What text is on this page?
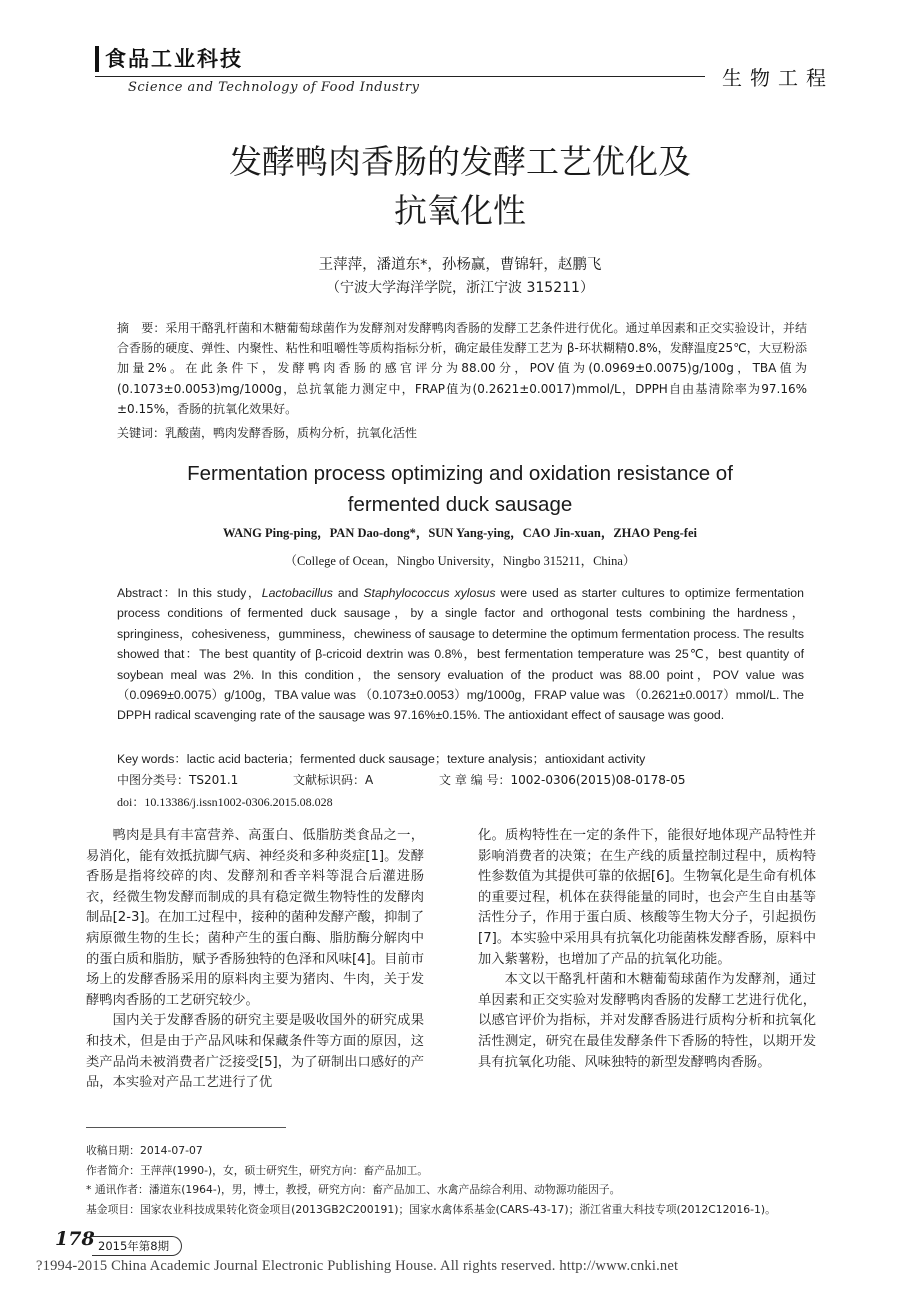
食品工业科技
Science and Technology of Food Industry	生物工程
发酵鸭肉香肠的发酵工艺优化及
抗氧化性
王萍萍，潘道东*，孙杨赢，曹锦轩，赵鹏飞
（宁波大学海洋学院，浙江宁波 315211）
摘　要：采用干酪乳杆菌和木糖葡萄球菌作为发酵剂对发酵鸭肉香肠的发酵工艺条件进行优化。通过单因素和正交实验设计，并结合香肠的硬度、弹性、内聚性、粘性和咀嚼性等质构指标分析，确定最佳发酵工艺为 β-环状糊精0.8%，发酵温度25℃，大豆粉添加量2%。在此条件下，发酵鸭肉香肠的感官评分为88.00分，POV值为(0.0969±0.0075)g/100g，TBA值为(0.1073±0.0053)mg/1000g，总抗氧能力测定中，FRAP值为(0.2621±0.0017)mmol/L，DPPH自由基清除率为97.16%±0.15%，香肠的抗氧化效果好。
关键词：乳酸菌，鸭肉发酵香肠，质构分析，抗氧化活性
Fermentation process optimizing and oxidation resistance of
fermented duck sausage
WANG Ping-ping，PAN Dao-dong*，SUN Yang-ying，CAO Jin-xuan，ZHAO Peng-fei
（College of Ocean，Ningbo University，Ningbo 315211，China）
Abstract：In this study，Lactobacillus and Staphylococcus xylosus were used as starter cultures to optimize fermentation process conditions of fermented duck sausage，by a single factor and orthogonal tests combining the hardness，springiness，cohesiveness，gumminess，chewiness of sausage to determine the optimum fermentation process. The results showed that：The best quantity of β-cricoid dextrin was 0.8%，best fermentation temperature was 25℃，best quantity of soybean meal was 2%. In this condition，the sensory evaluation of the product was 88.00 point，POV value was （0.0969±0.0075）g/100g，TBA value was （0.1073±0.0053）mg/1000g，FRAP value was （0.2621±0.0017）mmol/L. The DPPH radical scavenging rate of the sausage was 97.16%±0.15%. The antioxidant effect of sausage was good.
Key words：lactic acid bacteria；fermented duck sausage；texture analysis；antioxidant activity
中图分类号：TS201.1	文献标识码：A	文 章 编 号：1002-0306(2015)08-0178-05
doi：10.13386/j.issn1002-0306.2015.08.028

鸭肉是具有丰富营养、高蛋白、低脂肪类食品之一，易消化，能有效抵抗脚气病、神经炎和多种炎症[1]。发酵香肠是指将绞碎的肉、发酵剂和香辛料等混合后灌进肠衣，经微生物发酵而制成的具有稳定微生物特性的发酵肉制品[2-3]。在加工过程中，接种的菌种发酵产酸，抑制了病原微生物的生长；菌种产生的蛋白酶、脂肪酶分解肉中的蛋白质和脂肪，赋予香肠独特的色泽和风味[4]。目前市场上的发酵香肠采用的原料肉主要为猪肉、牛肉，关于发酵鸭肉香肠的工艺研究较少。

国内关于发酵香肠的研究主要是吸收国外的研究成果和技术，但是由于产品风味和保藏条件等方面的原因，这类产品尚未被消费者广泛接受[5]，为了研制出口感好的产品，本实验对产品工艺进行了优

化。质构特性在一定的条件下，能很好地体现产品特性并影响消费者的决策；在生产线的质量控制过程中，质构特性参数值为其提供可靠的依据[6]。生物氧化是生命有机体的重要过程，机体在获得能量的同时，也会产生自由基等活性分子，作用于蛋白质、核酸等生物大分子，引起损伤[7]。本实验中采用具有抗氧化功能菌株发酵香肠，原料中加入紫薯粉，也增加了产品的抗氧化功能。

本文以干酪乳杆菌和木糖葡萄球菌作为发酵剂，通过单因素和正交实验对发酵鸭肉香肠的发酵工艺进行优化，以感官评价为指标，并对发酵香肠进行质构分析和抗氧化活性测定，研究在最佳发酵条件下香肠的特性，以期开发具有抗氧化功能、风味独特的新型发酵鸭肉香肠。

收稿日期：2014-07-07
作者简介：王萍萍(1990-)，女，硕士研究生，研究方向：畜产品加工。
* 通讯作者：潘道东(1964-)，男，博士，教授，研究方向：畜产品加工、水禽产品综合利用、动物源功能因子。
基金项目：国家农业科技成果转化资金项目(2013GB2C200191)；国家水禽体系基金(CARS-43-17)；浙江省重大科技专项(2012C12016-1)。
178 2015年第8期
?1994-2015 China Academic Journal Electronic Publishing House. All rights reserved. http://www.cnki.net
